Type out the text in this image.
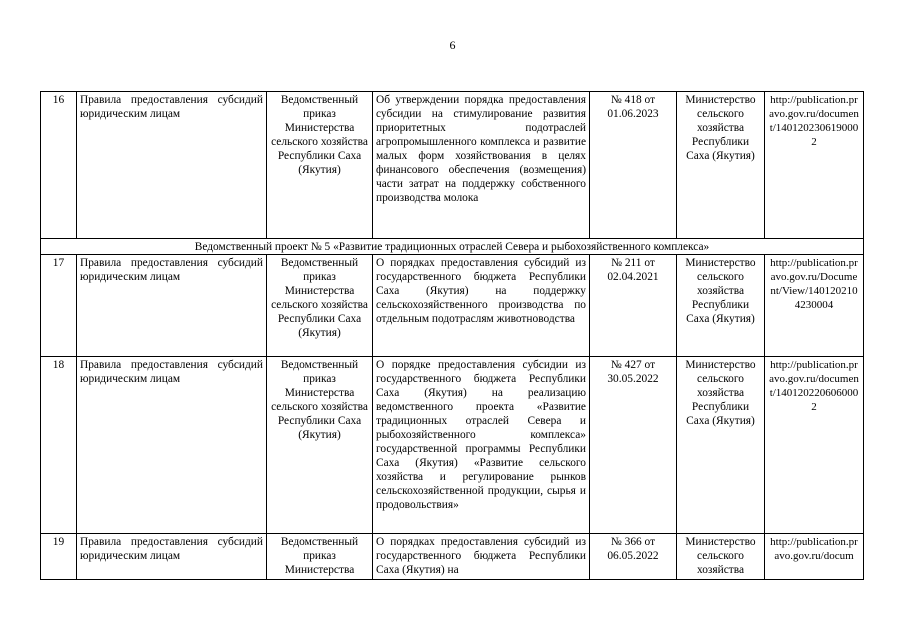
6
16	Правила предоставления субсидий юридическим лицам	Ведомственный приказ Министерства сельского хозяйства Республики Саха (Якутия)	Об утверждении порядка предоставления субсидии на стимулирование развития приоритетных подотраслей агропромышленного комплекса и развитие малых форм хозяйствования в целях финансового обеспечения (возмещения) части затрат на поддержку собственного производства молока	№ 418 от 01.06.2023	Министерство сельского хозяйства Республики Саха (Якутия)	http://publication.pravo.gov.ru/document/1401202306190002
Ведомственный проект № 5 «Развитие традиционных отраслей Севера и рыбохозяйственного комплекса»						
17	Правила предоставления субсидий юридическим лицам	Ведомственный приказ Министерства сельского хозяйства Республики Саха (Якутия)	О порядках предоставления субсидий из государственного бюджета Республики Саха (Якутия) на поддержку сельскохозяйственного производства по отдельным подотраслям животноводства	№ 211 от 02.04.2021	Министерство сельского хозяйства Республики Саха (Якутия)	http://publication.pravo.gov.ru/Document/View/1401202104230004
18	Правила предоставления субсидий юридическим лицам	Ведомственный приказ Министерства сельского хозяйства Республики Саха (Якутия)	О порядке предоставления субсидии из государственного бюджета Республики Саха (Якутия) на реализацию ведомственного проекта «Развитие традиционных отраслей Севера и рыбохозяйственного комплекса» государственной программы Республики Саха (Якутия) «Развитие сельского хозяйства и регулирование рынков сельскохозяйственной продукции, сырья и продовольствия»	№ 427 от 30.05.2022	Министерство сельского хозяйства Республики Саха (Якутия)	http://publication.pravo.gov.ru/document/1401202206060002
19	Правила предоставления субсидий юридическим лицам	Ведомственный приказ Министерства	О порядках предоставления субсидий из государственного бюджета Республики Саха (Якутия) на	№ 366 от 06.05.2022	Министерство сельского хозяйства	http://publication.pravo.gov.ru/docum
